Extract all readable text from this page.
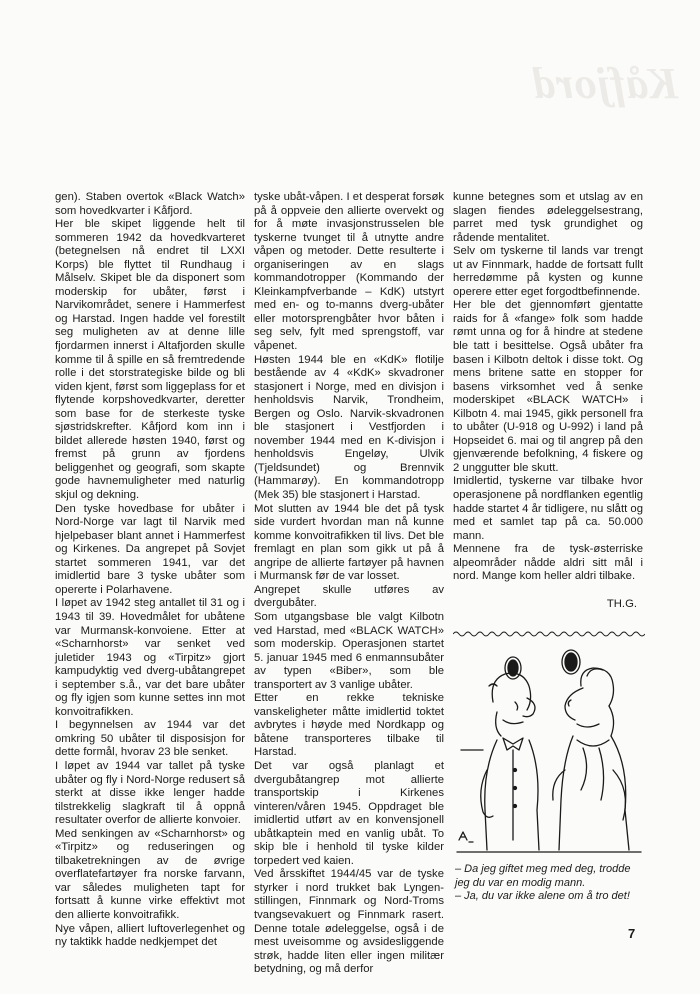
Kåfjord

gen). Staben overtok «Black Watch» som hovedkvarter i Kåfjord.

Her ble skipet liggende helt til sommeren 1942 da hovedkvarteret (betegnelsen nå endret til LXXI Korps) ble flyttet til Rundhaug i Målselv. Skipet ble da disponert som moderskip for ubåter, først i Narvikområdet, senere i Hammerfest og Harstad. Ingen hadde vel forestilt seg muligheten av at denne lille fjordarmen innerst i Altafjorden skulle komme til å spille en så fremtredende rolle i det storstrategiske bilde og bli viden kjent, først som liggeplass for et flytende korpshovedkvarter, deretter som base for de sterkeste tyske sjøstridskrefter. Kåfjord kom inn i bildet allerede høsten 1940, først og fremst på grunn av fjordens beliggenhet og geografi, som skapte gode havnemuligheter med naturlig skjul og dekning.

Den tyske hovedbase for ubåter i Nord-Norge var lagt til Narvik med hjelpebaser blant annet i Hammerfest og Kirkenes. Da angrepet på Sovjet startet sommeren 1941, var det imidlertid bare 3 tyske ubåter som opererte i Polarhavene.

I løpet av 1942 steg antallet til 31 og i 1943 til 39. Hovedmålet for ubåtene var Murmansk-konvoiene. Etter at «Scharnhorst» var senket ved juletider 1943 og «Tirpitz» gjort kampudyktig ved dverg-ubåtangrepet i september s.å., var det bare ubåter og fly igjen som kunne settes inn mot konvoitrafikken.

I begynnelsen av 1944 var det omkring 50 ubåter til disposisjon for dette formål, hvorav 23 ble senket.

I løpet av 1944 var tallet på tyske ubåter og fly i Nord-Norge redusert så sterkt at disse ikke lenger hadde tilstrekkelig slagkraft til å oppnå resultater overfor de allierte konvoier.

Med senkingen av «Scharnhorst» og «Tirpitz» og reduseringen og tilbaketrekningen av de øvrige overflatefartøyer fra norske farvann, var således muligheten tapt for fortsatt å kunne virke effektivt mot den allierte konvoitrafikk.

Nye våpen, alliert luftoverlegenhet og ny taktikk hadde nedkjempet det

tyske ubåt-våpen. I et desperat forsøk på å oppveie den allierte overvekt og for å møte invasjonstrusselen ble tyskerne tvunget til å utnytte andre våpen og metoder. Dette resulterte i organiseringen av en slags kommandotropper (Kommando der Kleinkampfverbande – KdK) utstyrt med en- og to-manns dverg-ubåter eller motorsprengbåter hvor båten i seg selv, fylt med sprengstoff, var våpenet.

Høsten 1944 ble en «KdK» flotilje bestående av 4 «KdK» skvadroner stasjonert i Norge, med en divisjon i henholdsvis Narvik, Trondheim, Bergen og Oslo. Narvik-skvadronen ble stasjonert i Vestfjorden i november 1944 med en K-divisjon i henholdsvis Engeløy, Ulvik (Tjeldsundet) og Brennvik (Hammarøy). En kommandotropp (Mek 35) ble stasjonert i Harstad.

Mot slutten av 1944 ble det på tysk side vurdert hvordan man nå kunne komme konvoitrafikken til livs. Det ble fremlagt en plan som gikk ut på å angripe de allierte fartøyer på havnen i Murmansk før de var losset.

Angrepet skulle utføres av dvergubåter.

Som utgangsbase ble valgt Kilbotn ved Harstad, med «BLACK WATCH» som moderskip. Operasjonen startet 5. januar 1945 med 6 enmannsubåter av typen «Biber», som ble transportert av 3 vanlige ubåter.

Etter en rekke tekniske vanskeligheter måtte imidlertid toktet avbrytes i høyde med Nordkapp og båtene transporteres tilbake til Harstad.

Det var også planlagt et dvergubåtangrep mot allierte transportskip i Kirkenes vinteren/våren 1945. Oppdraget ble imidlertid utført av en konvensjonell ubåtkaptein med en vanlig ubåt. To skip ble i henhold til tyske kilder torpedert ved kaien.

Ved årsskiftet 1944/45 var de tyske styrker i nord trukket bak Lyngen-stillingen, Finnmark og Nord-Troms tvangsevakuert og Finnmark rasert. Denne totale ødeleggelse, også i de mest uveisomme og avsidesliggende strøk, hadde liten eller ingen militær betydning, og må derfor

kunne betegnes som et utslag av en slagen fiendes ødeleggelsestrang, parret med tysk grundighet og rådende mentalitet.

Selv om tyskerne til lands var trengt ut av Finnmark, hadde de fortsatt fullt herredømme på kysten og kunne operere etter eget forgodtbefinnende.

Her ble det gjennomført gjentatte raids for å «fange» folk som hadde rømt unna og for å hindre at stedene ble tatt i besittelse. Også ubåter fra basen i Kilbotn deltok i disse tokt. Og mens britene satte en stopper for basens virksomhet ved å senke moderskipet «BLACK WATCH» i Kilbotn 4. mai 1945, gikk personell fra to ubåter (U-918 og U-992) i land på Hopseidet 6. mai og til angrep på den gjenværende befolkning, 4 fiskere og 2 unggutter ble skutt.

Imidlertid, tyskerne var tilbake hvor operasjonene på nordflanken egentlig hadde startet 4 år tidligere, nu slått og med et samlet tap på ca. 50.000 mann.

Mennene fra de tysk-østerriske alpeområder nådde aldri sitt mål i nord. Mange kom heller aldri tilbake.

TH.G.

– Da jeg giftet meg med deg, trodde jeg du var en modig mann.

– Ja, du var ikke alene om å tro det!

7
